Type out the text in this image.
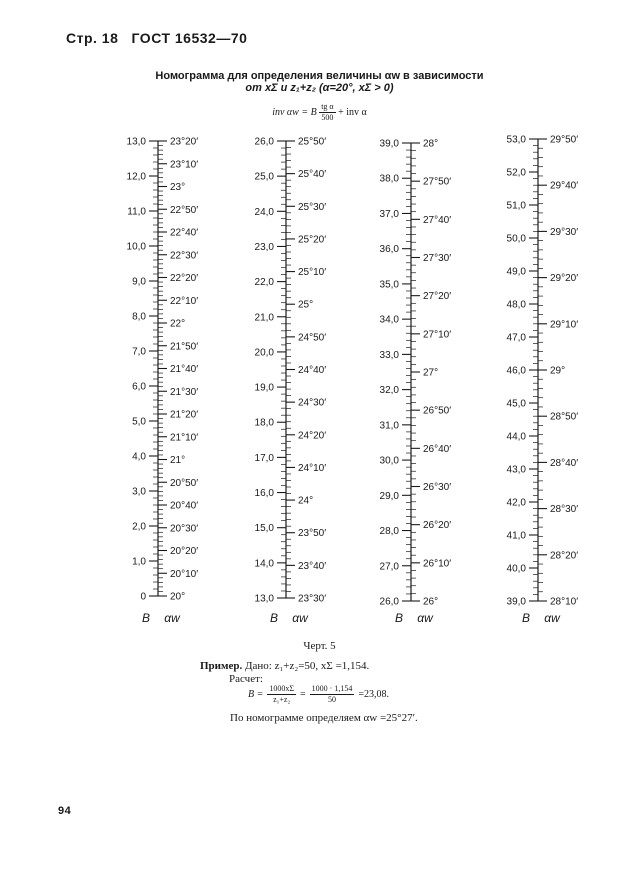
Стр. 18 ГОСТ 16532—70
Номограмма для определения величины αw в зависимости
от xΣ и z₁+z₂ (α=20°, xΣ > 0)
inv αw = B $\frac{\text{tg α}}{500}$ + inv α
0
1,0
2,0
3,0
4,0
5,0
6,0
7,0
8,0
9,0
10,0
11,0
12,0
13,0
20°
20°10′
20°20′
20°30′
20°40′
20°50′
21°
21°10′
21°20′
21°30′
21°40′
21°50′
22°
22°10′
22°20′
22°30′
22°40′
22°50′
23°
23°10′
23°20′
B αw
13,0
14,0
15,0
16,0
17,0
18,0
19,0
20,0
21,0
22,0
23,0
24,0
25,0
26,0
23°30′
23°40′
23°50′
24°
24°10′
24°20′
24°30′
24°40′
24°50′
25°
25°10′
25°20′
25°30′
25°40′
25°50′
B αw
26,0
27,0
28,0
29,0
30,0
31,0
32,0
33,0
34,0
35,0
36,0
37,0
38,0
39,0
26°
26°10′
26°20′
26°30′
26°40′
26°50′
27°
27°10′
27°20′
27°30′
27°40′
27°50′
28°
B αw
39,0
40,0
41,0
42,0
43,0
44,0
45,0
46,0
47,0
48,0
49,0
50,0
51,0
52,0
53,0
28°10′
28°20′
28°30′
28°40′
28°50′
29°
29°10′
29°20′
29°30′
29°40′
29°50′
B αw
Черт. 5
Пример. Дано: z₁+z₂=50, xΣ =1,154.
Расчет:
$B = \frac{1000x\Sigma}{\text{z₁+z₂}} = \frac{1000 \cdot 1,154}{50} =23,08$.
По номограмме определяем αw =25°27′.
94
